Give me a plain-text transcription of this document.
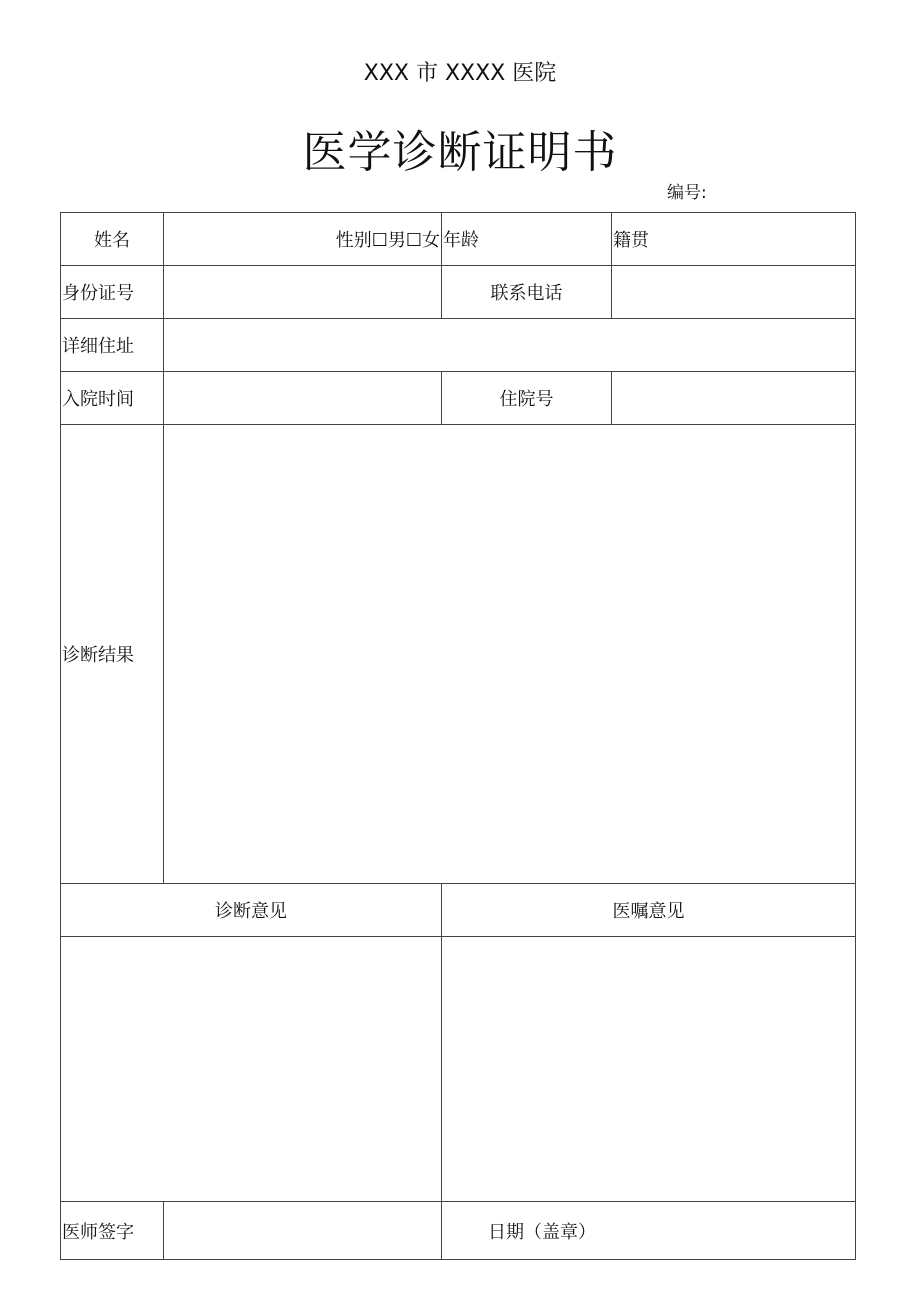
XXX 市 XXXX 医院
医学诊断证明书
编号:
姓名	性别☐男☐女	年龄	籍贯
身份证号		联系电话	
详细住址			
入院时间		住院号	
诊断结果			
诊断意见		医嘱意见	

医师签字		日期（盖章）	
